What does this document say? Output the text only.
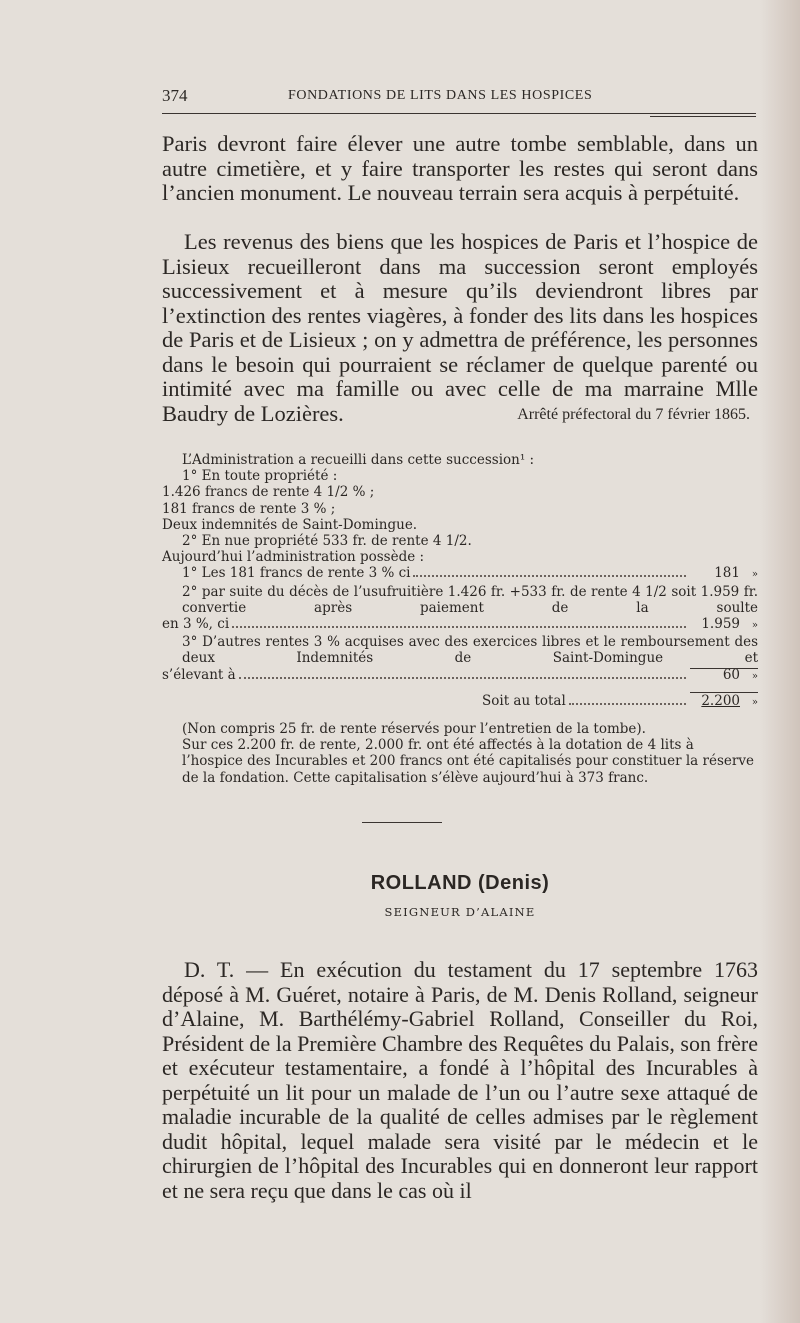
374	FONDATIONS DE LITS DANS LES HOSPICES
Paris devront faire élever une autre tombe semblable, dans un autre cimetière, et y faire transporter les restes qui seront dans l’ancien monument. Le nouveau terrain sera acquis à perpétuité.
Les revenus des biens que les hospices de Paris et l’hospice de Lisieux recueilleront dans ma succession seront employés successivement et à mesure qu’ils deviendront libres par l’extinction des rentes viagères, à fonder des lits dans les hospices de Paris et de Lisieux ; on y admettra de préférence, les personnes dans le besoin qui pourraient se réclamer de quelque parenté ou intimité avec ma famille ou avec celle de ma marraine Mlle Baudry de Lozières.	Arrêté préfectoral du 7 février 1865.
L’Administration a recueilli dans cette succession¹ :
1° En toute propriété :
1.426 francs de rente 4 1/2 % ;
181 francs de rente 3 % ;
Deux indemnités de Saint-Domingue.
2° En nue propriété 533 fr. de rente 4 1/2.
Aujourd’hui l’administration possède :
1° Les 181 francs de rente 3 % ci	181	»
2° par suite du décès de l’usufruitière 1.426 fr. +533 fr. de rente 4 1/2 soit 1.959 fr. convertie après paiement de la soulte
en 3 %, ci	1.959	»
3° D’autres rentes 3 % acquises avec des exercices libres et le remboursement des deux Indemnités de Saint-Domingue et
s’élevant à	60	»
Soit au total	2.200	»
(Non compris 25 fr. de rente réservés pour l’entretien de la tombe).
Sur ces 2.200 fr. de rente, 2.000 fr. ont été affectés à la dotation de 4 lits à l’hospice des Incurables et 200 francs ont été capitalisés pour constituer la réserve de la fondation. Cette capitalisation s’élève aujourd’hui à 373 franc.
ROLLAND (Denis)
SEIGNEUR D’ALAINE
D. T. — En exécution du testament du 17 septembre 1763 déposé à M. Guéret, notaire à Paris, de M. Denis Rolland, seigneur d’Alaine, M. Barthélémy-Gabriel Rolland, Conseiller du Roi, Président de la Première Chambre des Requêtes du Palais, son frère et exécuteur testamentaire, a fondé à l’hôpital des Incurables à perpétuité un lit pour un malade de l’un ou l’autre sexe attaqué de maladie incurable de la qualité de celles admises par le règlement dudit hôpital, lequel malade sera visité par le médecin et le chirurgien de l’hôpital des Incurables qui en donneront leur rapport et ne sera reçu que dans le cas où il
